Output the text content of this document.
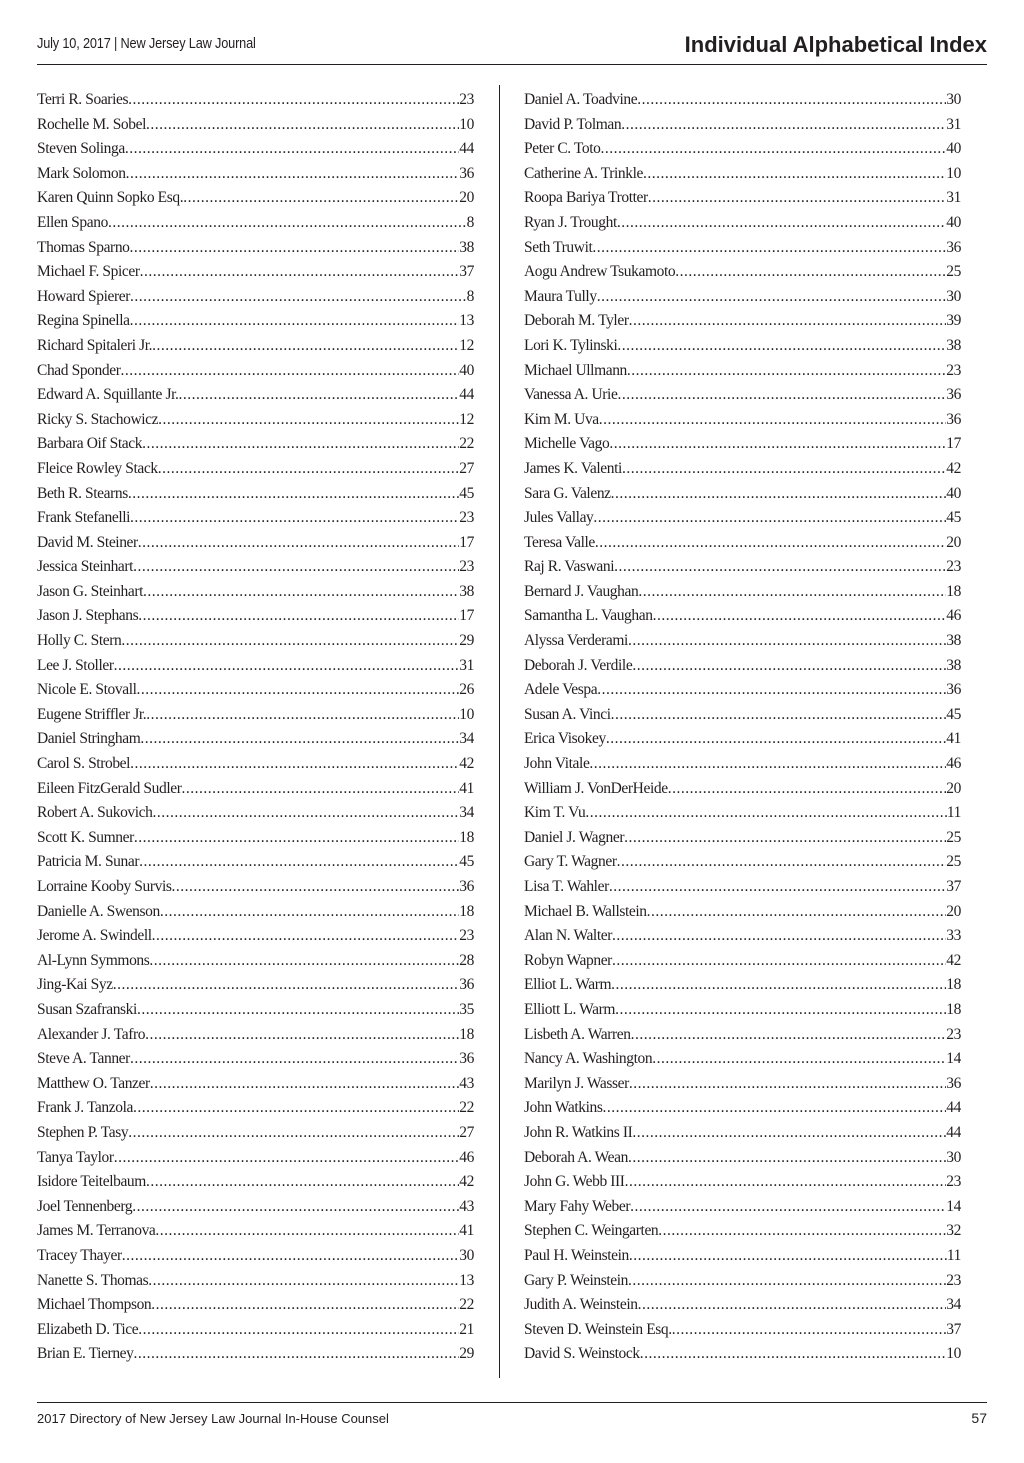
July 10, 2017 | New Jersey Law Journal	Individual Alphabetical Index
Terri R. Soaries .....	23
Rochelle M. Sobel .....	10
Steven Solinga .....	44
Mark Solomon .....	36
Karen Quinn Sopko Esq. .....	20
Ellen Spano .....	8
Thomas Sparno .....	38
Michael F. Spicer .....	37
Howard Spierer .....	8
Regina Spinella .....	13
Richard Spitaleri Jr. .....	12
Chad Sponder .....	40
Edward A. Squillante Jr. .....	44
Ricky S. Stachowicz .....	12
Barbara Oif Stack .....	22
Fleice Rowley Stack .....	27
Beth R. Stearns .....	45
Frank Stefanelli .....	23
David M. Steiner .....	17
Jessica Steinhart .....	23
Jason G. Steinhart .....	38
Jason J. Stephans .....	17
Holly C. Stern .....	29
Lee J. Stoller .....	31
Nicole E. Stovall .....	26
Eugene Striffler Jr. .....	10
Daniel Stringham .....	34
Carol S. Strobel .....	42
Eileen FitzGerald Sudler .....	41
Robert A. Sukovich .....	34
Scott K. Sumner .....	18
Patricia M. Sunar .....	45
Lorraine Kooby Survis .....	36
Danielle A. Swenson .....	18
Jerome A. Swindell .....	23
Al-Lynn Symmons .....	28
Jing-Kai Syz .....	36
Susan Szafranski .....	35
Alexander J. Tafro .....	18
Steve A. Tanner .....	36
Matthew O. Tanzer .....	43
Frank J. Tanzola .....	22
Stephen P. Tasy .....	27
Tanya Taylor .....	46
Isidore Teitelbaum .....	42
Joel Tennenberg .....	43
James M. Terranova .....	41
Tracey Thayer .....	30
Nanette S. Thomas .....	13
Michael Thompson .....	22
Elizabeth D. Tice .....	21
Brian E. Tierney .....	29
Daniel A. Toadvine .....	30
David P. Tolman .....	31
Peter C. Toto .....	40
Catherine A. Trinkle .....	10
Roopa Bariya Trotter .....	31
Ryan J. Trought .....	40
Seth Truwit .....	36
Aogu Andrew Tsukamoto .....	25
Maura Tully .....	30
Deborah M. Tyler .....	39
Lori K. Tylinski .....	38
Michael Ullmann .....	23
Vanessa A. Urie .....	36
Kim M. Uva .....	36
Michelle Vago .....	17
James K. Valenti .....	42
Sara G. Valenz .....	40
Jules Vallay .....	45
Teresa Valle .....	20
Raj R. Vaswani .....	23
Bernard J. Vaughan .....	18
Samantha L. Vaughan .....	46
Alyssa Verderami .....	38
Deborah J. Verdile .....	38
Adele Vespa .....	36
Susan A. Vinci .....	45
Erica Visokey .....	41
John Vitale .....	46
William J. VonDerHeide .....	20
Kim T. Vu .....	11
Daniel J. Wagner .....	25
Gary T. Wagner .....	25
Lisa T. Wahler .....	37
Michael B. Wallstein .....	20
Alan N. Walter .....	33
Robyn Wapner .....	42
Elliot L. Warm .....	18
Elliott L. Warm .....	18
Lisbeth A. Warren .....	23
Nancy A. Washington .....	14
Marilyn J. Wasser .....	36
John Watkins .....	44
John R. Watkins II .....	44
Deborah A. Wean .....	30
John G. Webb III .....	23
Mary Fahy Weber .....	14
Stephen C. Weingarten .....	32
Paul H. Weinstein .....	11
Gary P. Weinstein .....	23
Judith A. Weinstein .....	34
Steven D. Weinstein Esq. .....	37
David S. Weinstock .....	10
2017 Directory of New Jersey Law Journal In-House Counsel	57
